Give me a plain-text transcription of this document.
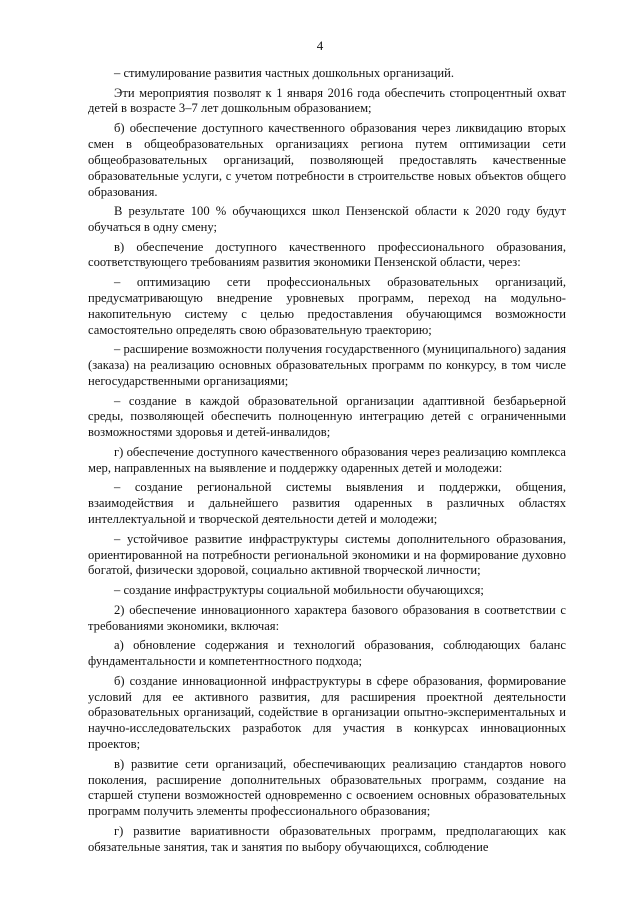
4

– стимулирование развития частных дошкольных организаций.

Эти мероприятия позволят к 1 января 2016 года обеспечить стопроцентный охват детей в возрасте 3–7 лет дошкольным образованием;

б) обеспечение доступного качественного образования через ликвидацию вторых смен в общеобразовательных организациях региона путем оптимизации сети общеобразовательных организаций, позволяющей предоставлять качественные образовательные услуги, с учетом потребности в строительстве новых объектов общего образования.

В результате 100 % обучающихся школ Пензенской области к 2020 году будут обучаться в одну смену;

в) обеспечение доступного качественного профессионального образования, соответствующего требованиям развития экономики Пензенской области, через:

– оптимизацию сети профессиональных образовательных организаций, предусматривающую внедрение уровневых программ, переход на модульно-накопительную систему с целью предоставления обучающимся возможности самостоятельно определять свою образовательную траекторию;

– расширение возможности получения государственного (муниципального) задания (заказа) на реализацию основных образовательных программ по конкурсу, в том числе негосударственными организациями;

– создание в каждой образовательной организации адаптивной безбарьерной среды, позволяющей обеспечить полноценную интеграцию детей с ограниченными возможностями здоровья и детей-инвалидов;

г) обеспечение доступного качественного образования через реализацию комплекса мер, направленных на выявление и поддержку одаренных детей и молодежи:

– создание региональной системы выявления и поддержки, общения, взаимодействия и дальнейшего развития одаренных в различных областях интеллектуальной и творческой деятельности детей и молодежи;

– устойчивое развитие инфраструктуры системы дополнительного образования, ориентированной на потребности региональной экономики и на формирование духовно богатой, физически здоровой, социально активной творческой личности;

– создание инфраструктуры социальной мобильности обучающихся;

2) обеспечение инновационного характера базового образования в соответствии с требованиями экономики, включая:

а) обновление содержания и технологий образования, соблюдающих баланс фундаментальности и компетентностного подхода;

б) создание инновационной инфраструктуры в сфере образования, формирование условий для ее активного развития, для расширения проектной деятельности образовательных организаций, содействие в организации опытно-экспериментальных и научно-исследовательских разработок для участия в конкурсах инновационных проектов;

в) развитие сети организаций, обеспечивающих реализацию стандартов нового поколения, расширение дополнительных образовательных программ, создание на старшей ступени возможностей одновременно с освоением основных образовательных программ получить элементы профессионального образования;

г) развитие вариативности образовательных программ, предполагающих как обязательные занятия, так и занятия по выбору обучающихся, соблюдение
